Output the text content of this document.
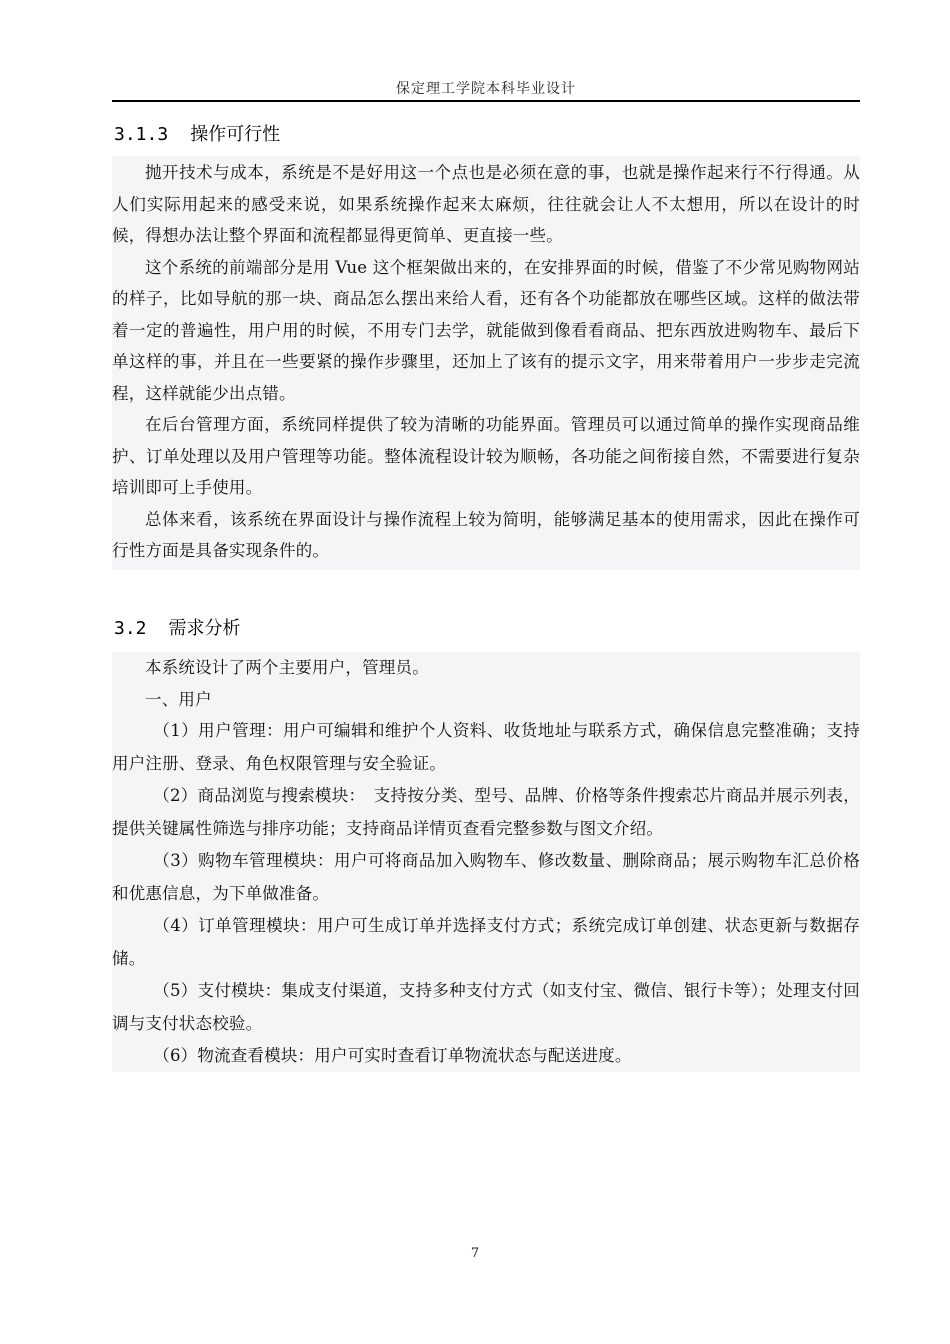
保定理工学院本科毕业设计
3.1.3 操作可行性

抛开技术与成本，系统是不是好用这一个点也是必须在意的事，也就是操作起来行不行得通。从人们实际用起来的感受来说，如果系统操作起来太麻烦，往往就会让人不太想用，所以在设计的时候，得想办法让整个界面和流程都显得更简单、更直接一些。

这个系统的前端部分是用 Vue 这个框架做出来的，在安排界面的时候，借鉴了不少常见购物网站的样子，比如导航的那一块、商品怎么摆出来给人看，还有各个功能都放在哪些区域。这样的做法带着一定的普遍性，用户用的时候，不用专门去学，就能做到像看看商品、把东西放进购物车、最后下单这样的事，并且在一些要紧的操作步骤里，还加上了该有的提示文字，用来带着用户一步步走完流程，这样就能少出点错。

在后台管理方面，系统同样提供了较为清晰的功能界面。管理员可以通过简单的操作实现商品维护、订单处理以及用户管理等功能。整体流程设计较为顺畅，各功能之间衔接自然，不需要进行复杂培训即可上手使用。

总体来看，该系统在界面设计与操作流程上较为简明，能够满足基本的使用需求，因此在操作可行性方面是具备实现条件的。

3.2 需求分析

本系统设计了两个主要用户，管理员。

一、用户

（1）用户管理：用户可编辑和维护个人资料、收货地址与联系方式，确保信息完整准确；支持用户注册、登录、角色权限管理与安全验证。

（2）商品浏览与搜索模块：　支持按分类、型号、品牌、价格等条件搜索芯片商品并展示列表，提供关键属性筛选与排序功能；支持商品详情页查看完整参数与图文介绍。

（3）购物车管理模块：用户可将商品加入购物车、修改数量、删除商品；展示购物车汇总价格和优惠信息，为下单做准备。

（4）订单管理模块：用户可生成订单并选择支付方式；系统完成订单创建、状态更新与数据存储。

（5）支付模块：集成支付渠道，支持多种支付方式（如支付宝、微信、银行卡等）；处理支付回调与支付状态校验。

（6）物流查看模块：用户可实时查看订单物流状态与配送进度。

7
